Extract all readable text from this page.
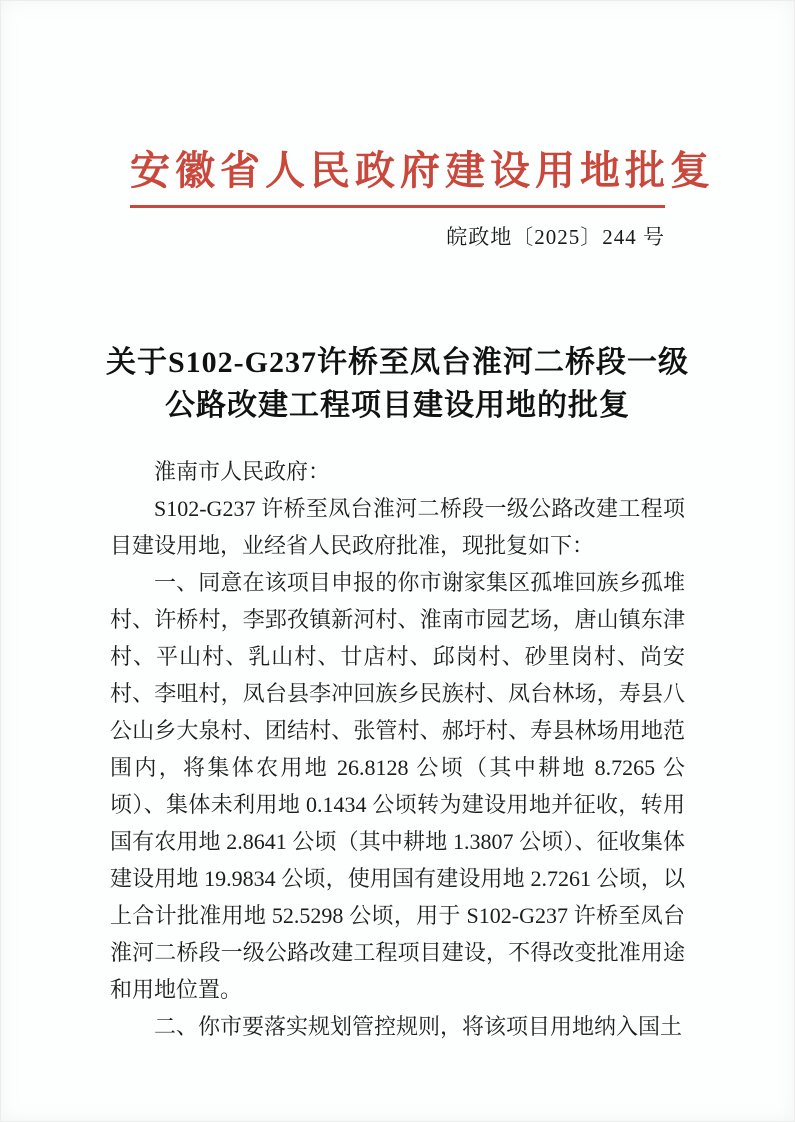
安徽省人民政府建设用地批复
皖政地〔2025〕244 号
关于S102-G237许桥至凤台淮河二桥段一级
公路改建工程项目建设用地的批复

淮南市人民政府：

S102-G237 许桥至凤台淮河二桥段一级公路改建工程项目建设用地，业经省人民政府批准，现批复如下：

一、同意在该项目申报的你市谢家集区孤堆回族乡孤堆村、许桥村，李郢孜镇新河村、淮南市园艺场，唐山镇东津村、平山村、乳山村、廿店村、邱岗村、砂里岗村、尚安村、李咀村，凤台县李冲回族乡民族村、凤台林场，寿县八公山乡大泉村、团结村、张管村、郝圩村、寿县林场用地范围内，将集体农用地 26.8128 公顷（其中耕地 8.7265 公顷）、集体未利用地 0.1434 公顷转为建设用地并征收，转用国有农用地 2.8641 公顷（其中耕地 1.3807 公顷）、征收集体建设用地 19.9834 公顷，使用国有建设用地 2.7261 公顷，以上合计批准用地 52.5298 公顷，用于 S102-G237 许桥至凤台淮河二桥段一级公路改建工程项目建设，不得改变批准用途和用地位置。

二、你市要落实规划管控规则，将该项目用地纳入国土
